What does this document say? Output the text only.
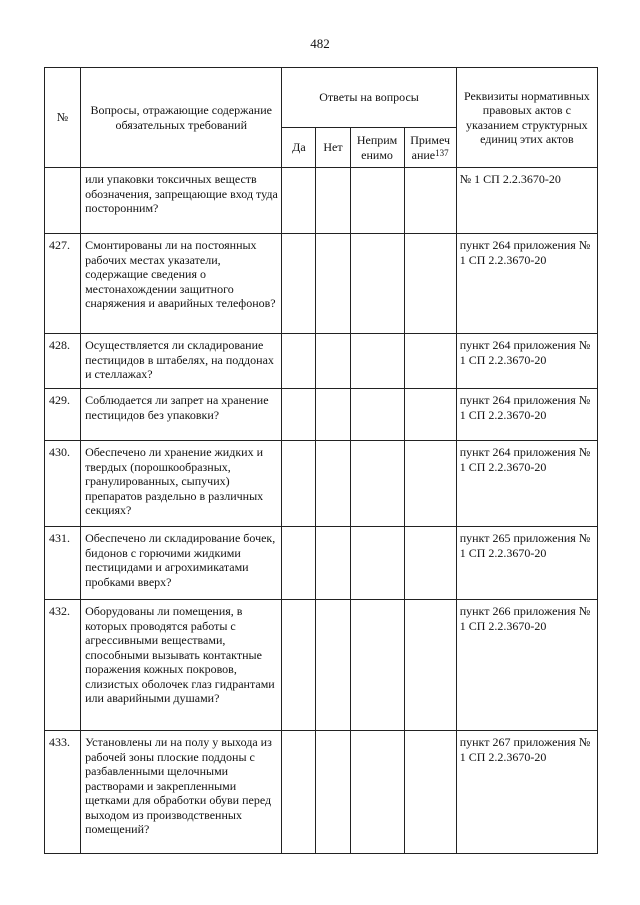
482
№	Вопросы, отражающие содержание обязательных требований	Ответы на вопросы				Реквизиты нормативных правовых актов с указанием структурных единиц этих актов
		Да	Нет	Неприм енимо	Примеч ание$^{137}$
	или упаковки токсичных веществ обозначения, запрещающие вход туда посторонним?					№ 1 СП 2.2.3670-20
427.	Смонтированы ли на постоянных рабочих местах указатели, содержащие сведения о местонахождении защитного снаряжения и аварийных телефонов?					пункт 264 приложения № 1 СП 2.2.3670-20
428.	Осуществляется ли складирование пестицидов в штабелях, на поддонах и стеллажах?					пункт 264 приложения № 1 СП 2.2.3670-20
429.	Соблюдается ли запрет на хранение пестицидов без упаковки?					пункт 264 приложения № 1 СП 2.2.3670-20
430.	Обеспечено ли хранение жидких и твердых (порошкообразных, гранулированных, сыпучих) препаратов раздельно в различных секциях?					пункт 264 приложения № 1 СП 2.2.3670-20
431.	Обеспечено ли складирование бочек, бидонов с горючими жидкими пестицидами и агрохимикатами пробками вверх?					пункт 265 приложения № 1 СП 2.2.3670-20
432.	Оборудованы ли помещения, в которых проводятся работы с агрессивными веществами, способными вызывать контактные поражения кожных покровов, слизистых оболочек глаз гидрантами или аварийными душами?					пункт 266 приложения № 1 СП 2.2.3670-20
433.	Установлены ли на полу у выхода из рабочей зоны плоские поддоны с разбавленными щелочными растворами и закрепленными щетками для обработки обуви перед выходом из производственных помещений?					пункт 267 приложения № 1 СП 2.2.3670-20
